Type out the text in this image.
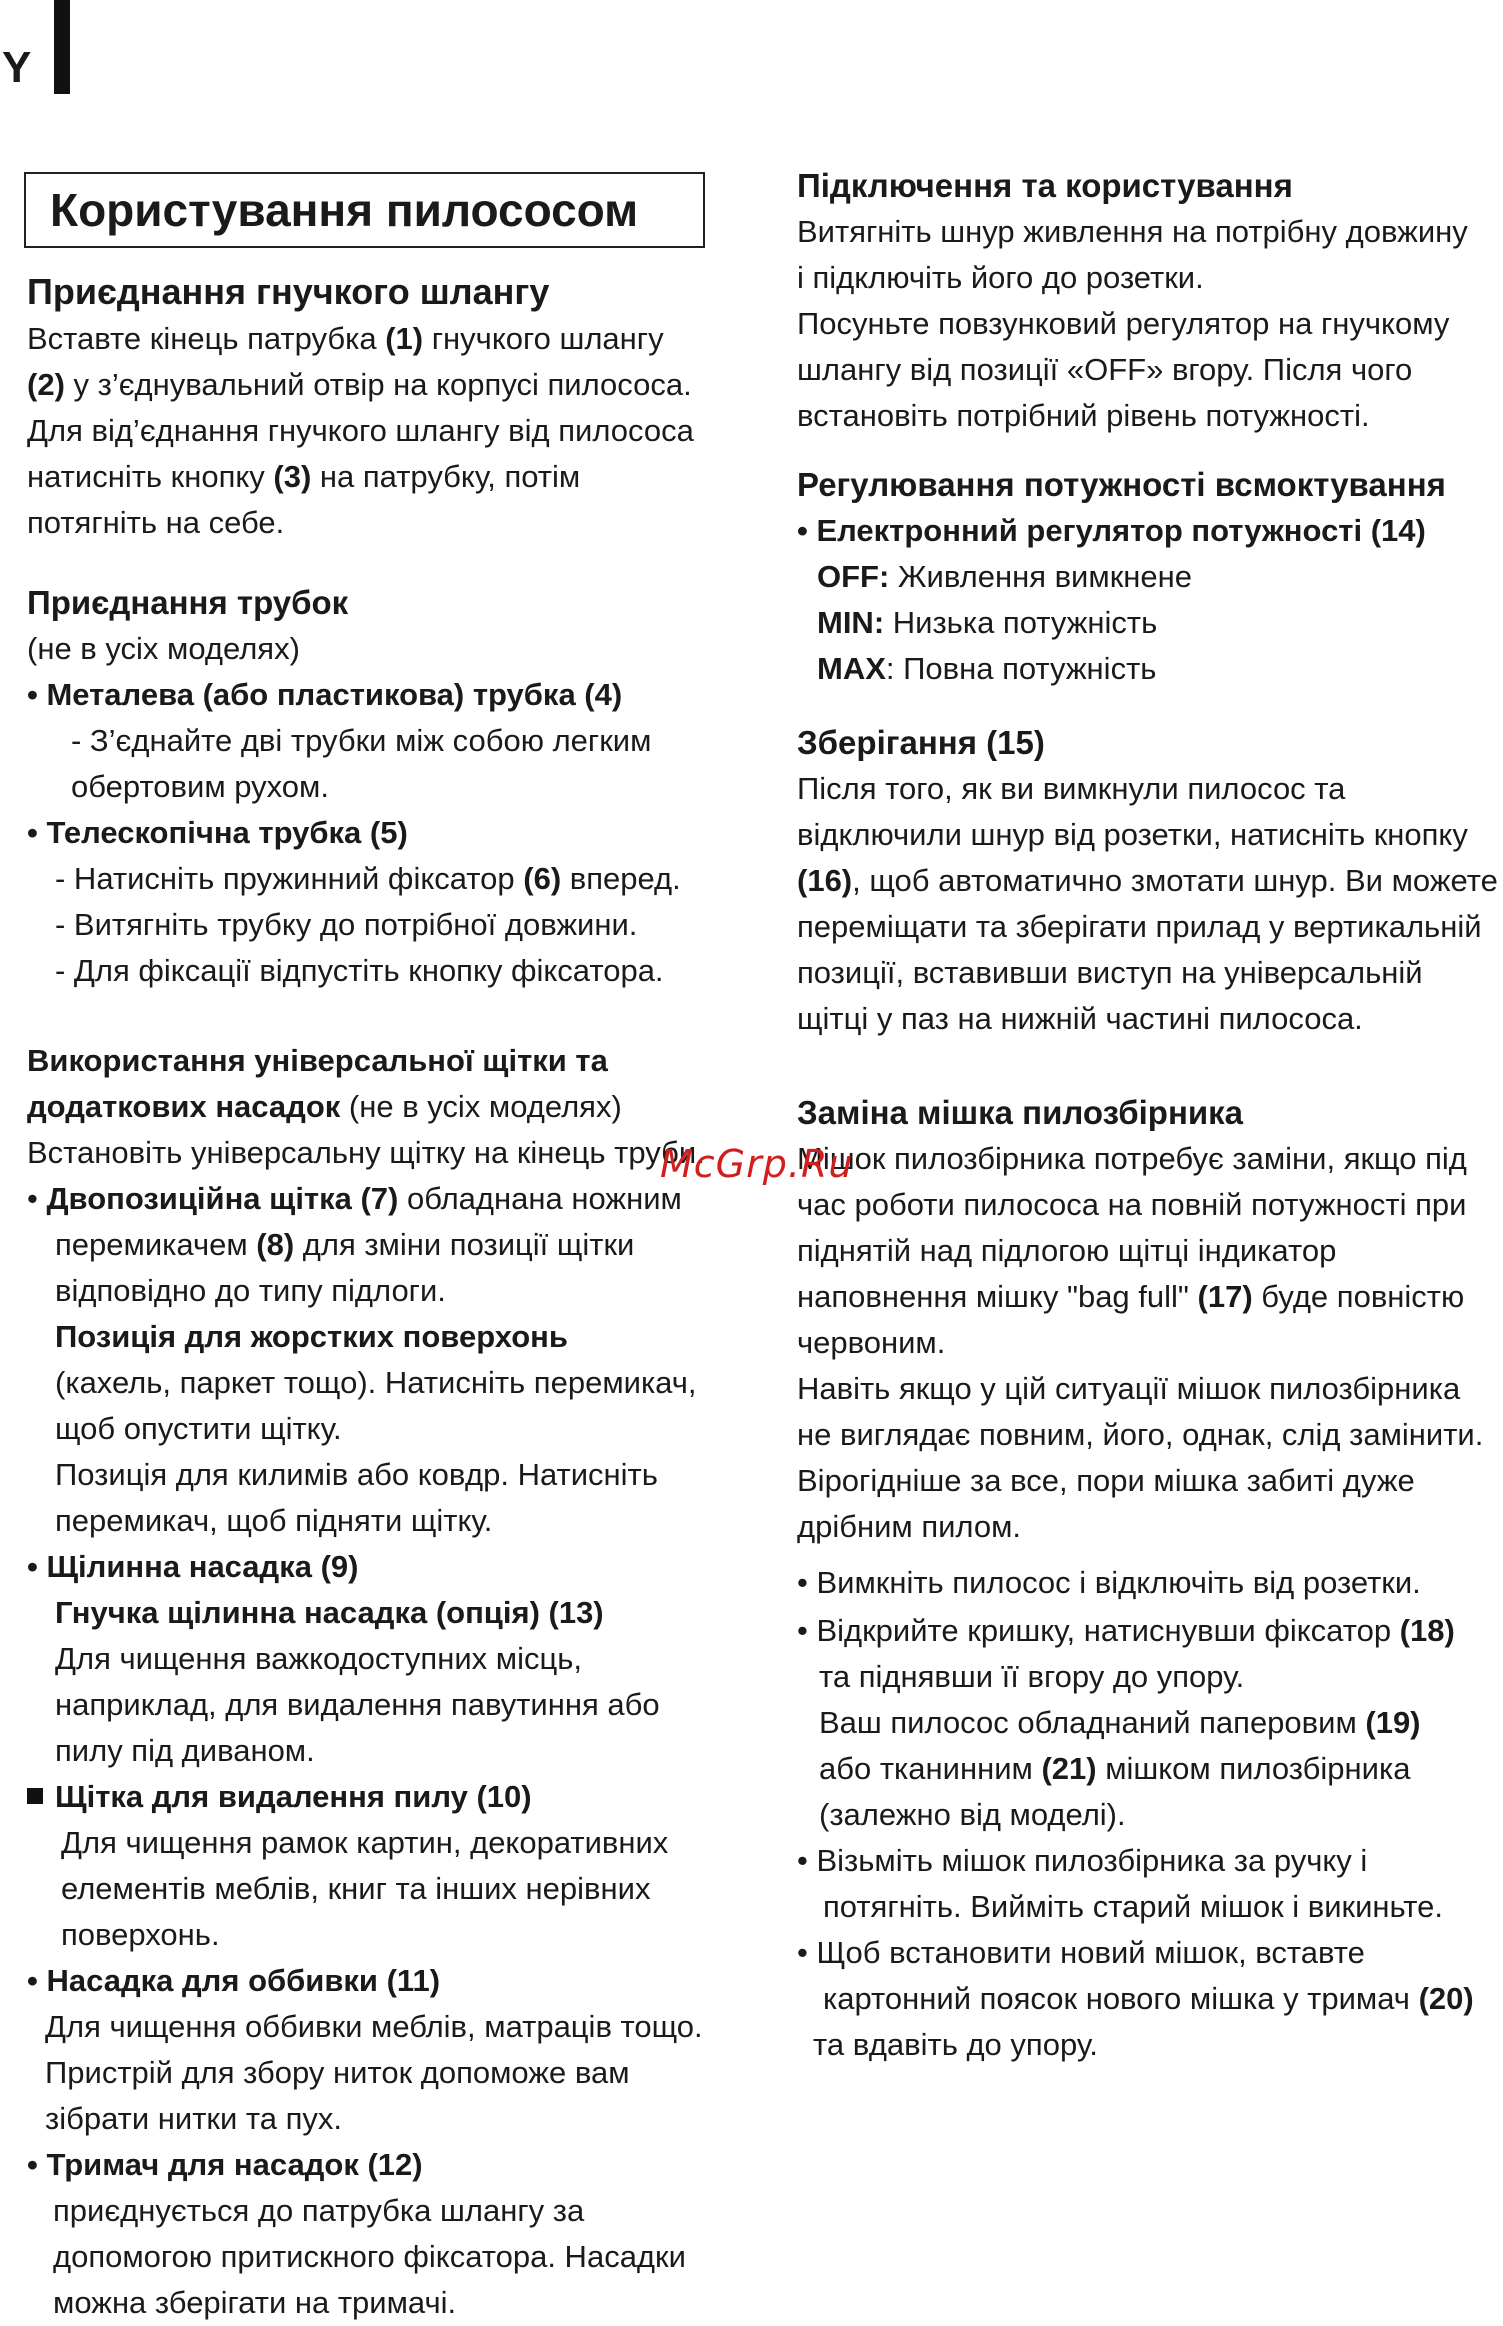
Y
Користування пилососом
Приєднання гнучкого шлангу
Вставте кінець патрубка (1) гнучкого шлангу
(2) у з’єднувальний отвір на корпусі пилососа.
Для від’єднання гнучкого шлангу від пилососа
натисніть кнопку (3) на патрубку, потім
потягніть на себе.
Приєднання трубок
(не в усіх моделях)
• Металева (або пластикова) трубка (4)
- З’єднайте дві трубки між собою легким
обертовим рухом.
• Телескопічна трубка (5)
- Натисніть пружинний фіксатор (6) вперед.
- Витягніть трубку до потрібної довжини.
- Для фіксації відпустіть кнопку фіксатора.
Використання універсальної щітки та
додаткових насадок (не в усіх моделях)
Встановіть універсальну щітку на кінець труби.
• Двопозиційна щітка (7) обладнана ножним
перемикачем (8) для зміни позиції щітки
відповідно до типу підлоги.
Позиція для жорстких поверхонь
(кахель, паркет тощо). Натисніть перемикач,
щоб опустити щітку.
Позиція для килимів або ковдр. Натисніть
перемикач, щоб підняти щітку.
• Щілинна насадка (9)
Гнучка щілинна насадка (опція) (13)
Для чищення важкодоступних місць,
наприклад, для видалення павутиння або
пилу під диваном.
Щітка для видалення пилу (10)
Для чищення рамок картин, декоративних
елементів меблів, книг та інших нерівних
поверхонь.
• Насадка для оббивки (11)
Для чищення оббивки меблів, матраців тощо.
Пристрій для збору ниток допоможе вам
зібрати нитки та пух.
• Тримач для насадок (12)
приєднується до патрубка шлангу за
допомогою притискного фіксатора. Насадки
можна зберігати на тримачі.
Підключення та користування
Витягніть шнур живлення на потрібну довжину
і підключіть його до розетки.
Посуньте повзунковий регулятор на гнучкому
шлангу від позиції «OFF» вгору. Після чого
встановіть потрібний рівень потужності.
Регулювання потужності всмоктування
• Електронний регулятор потужності (14)
OFF: Живлення вимкнене
MIN: Низька потужність
MAX: Повна потужність
Зберігання (15)
Після того, як ви вимкнули пилосос та
відключили шнур від розетки, натисніть кнопку
(16), щоб автоматично змотати шнур. Ви можете
переміщати та зберігати прилад у вертикальній
позиції, вставивши виступ на універсальній
щітці у паз на нижній частині пилососа.
Заміна мішка пилозбірника
Мішок пилозбірника потребує заміни, якщо під
час роботи пилососа на повній потужності при
піднятій над підлогою щітці індикатор
наповнення мішку "bag full" (17) буде повністю
червоним.
Навіть якщо у цій ситуації мішок пилозбірника
не виглядає повним, його, однак, слід замінити.
Вірогідніше за все, пори мішка забиті дуже
дрібним пилом.
• Вимкніть пилосос і відключіть від розетки.
• Відкрийте кришку, натиснувши фіксатор (18)
та піднявши її вгору до упору.
Ваш пилосос обладнаний паперовим (19)
або тканинним (21) мішком пилозбірника
(залежно від моделі).
• Візьміть мішок пилозбірника за ручку і
потягніть. Вийміть старий мішок і викиньте.
• Щоб встановити новий мішок, вставте
картонний поясок нового мішка у тримач (20)
та вдавіть до упору.
McGrp.Ru
